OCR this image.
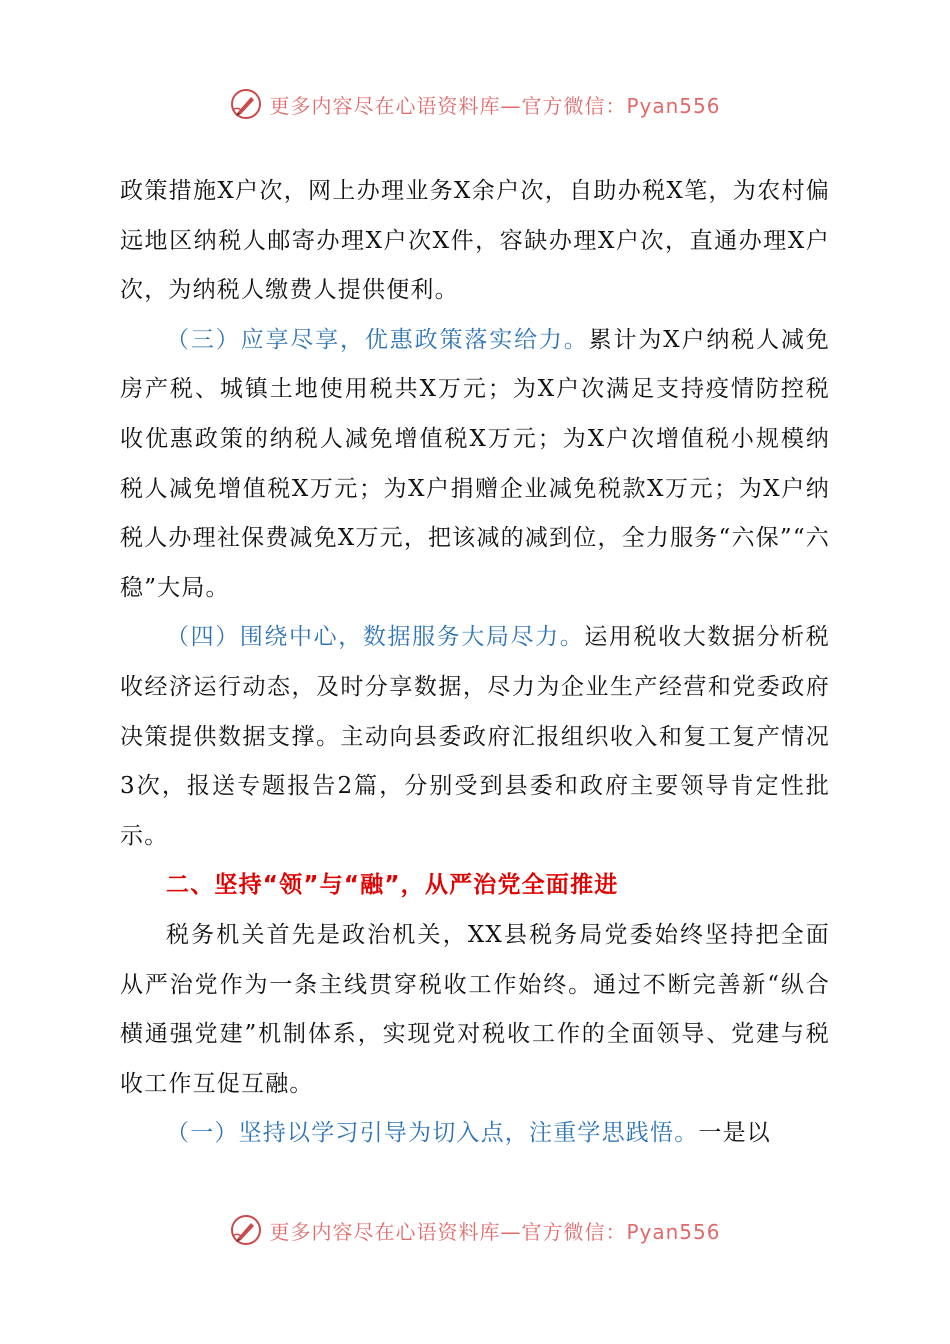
更多内容尽在心语资料库—官方微信：Pyan556

政策措施X户次，网上办理业务X余户次，自助办税X笔，为农村偏远地区纳税人邮寄办理X户次X件，容缺办理X户次，直通办理X户次，为纳税人缴费人提供便利。

（三）应享尽享，优惠政策落实给力。累计为X户纳税人减免房产税、城镇土地使用税共X万元；为X户次满足支持疫情防控税收优惠政策的纳税人减免增值税X万元；为X户次增值税小规模纳税人减免增值税X万元；为X户捐赠企业减免税款X万元；为X户纳税人办理社保费减免X万元，把该减的减到位，全力服务“六保”“六稳”大局。

（四）围绕中心，数据服务大局尽力。运用税收大数据分析税收经济运行动态，及时分享数据，尽力为企业生产经营和党委政府决策提供数据支撑。主动向县委政府汇报组织收入和复工复产情况3次，报送专题报告2篇，分别受到县委和政府主要领导肯定性批示。

二、坚持“领”与“融”，从严治党全面推进

税务机关首先是政治机关，XX县税务局党委始终坚持把全面从严治党作为一条主线贯穿税收工作始终。通过不断完善新“纵合横通强党建”机制体系，实现党对税收工作的全面领导、党建与税收工作互促互融。

（一）坚持以学习引导为切入点，注重学思践悟。一是以

更多内容尽在心语资料库—官方微信：Pyan556
